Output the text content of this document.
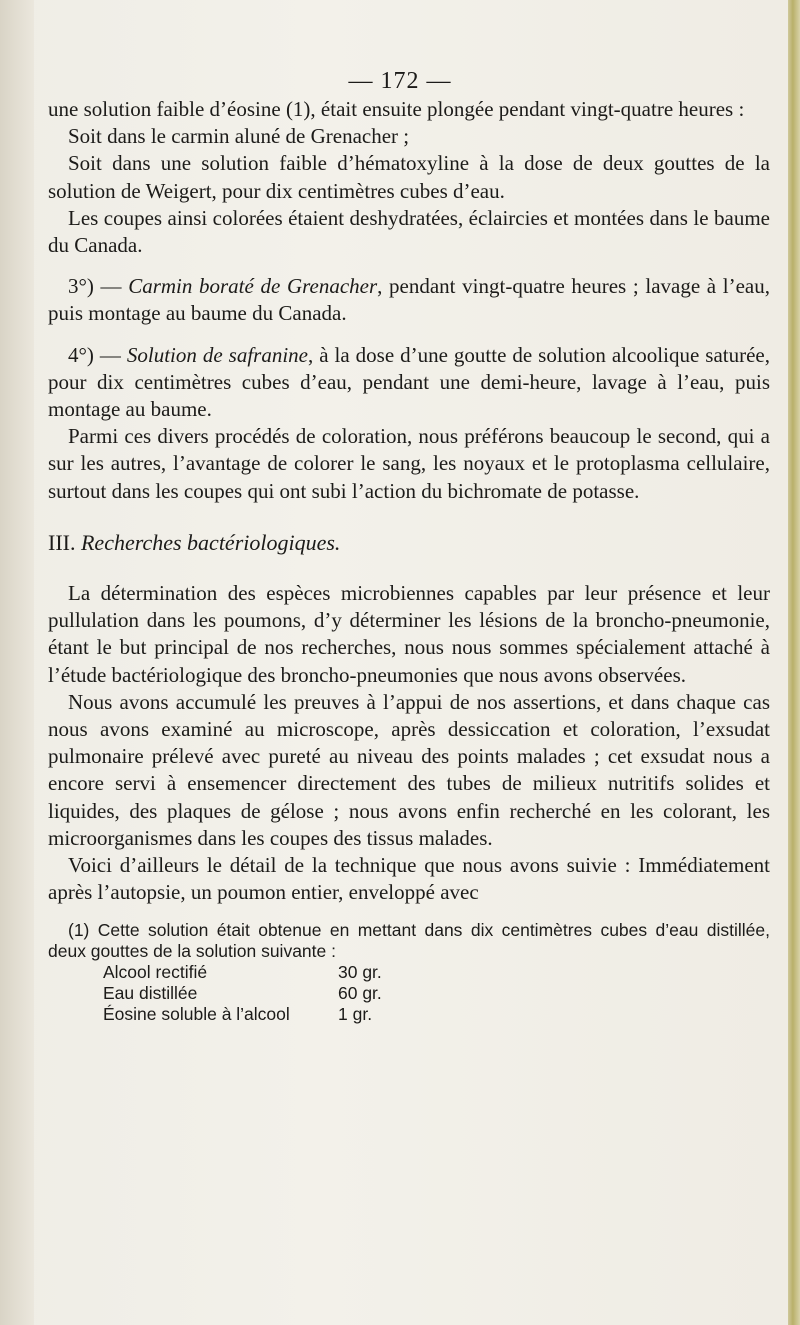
— 172 —

une solution faible d’éosine (1), était ensuite plongée pendant vingt-quatre heures :

Soit dans le carmin aluné de Grenacher ;

Soit dans une solution faible d’hématoxyline à la dose de deux gouttes de la solution de Weigert, pour dix centimètres cubes d’eau.

Les coupes ainsi colorées étaient deshydratées, éclaircies et montées dans le baume du Canada.

3°) — Carmin boraté de Grenacher, pendant vingt-quatre heures ; lavage à l’eau, puis montage au baume du Canada.

4°) — Solution de safranine, à la dose d’une goutte de solution alcoolique saturée, pour dix centimètres cubes d’eau, pendant une demi-heure, lavage à l’eau, puis montage au baume.

Parmi ces divers procédés de coloration, nous préférons beaucoup le second, qui a sur les autres, l’avantage de colorer le sang, les noyaux et le protoplasma cellulaire, surtout dans les coupes qui ont subi l’action du bichromate de potasse.

III. Recherches bactériologiques.

La détermination des espèces microbiennes capables par leur présence et leur pullulation dans les poumons, d’y déterminer les lésions de la broncho-pneumonie, étant le but principal de nos recherches, nous nous sommes spécialement attaché à l’étude bactériologique des broncho-pneumonies que nous avons observées.

Nous avons accumulé les preuves à l’appui de nos assertions, et dans chaque cas nous avons examiné au microscope, après dessiccation et coloration, l’exsudat pulmonaire prélevé avec pureté au niveau des points malades ; cet exsudat nous a encore servi à ensemencer directement des tubes de milieux nutritifs solides et liquides, des plaques de gélose ; nous avons enfin recherché en les colorant, les microorganismes dans les coupes des tissus malades.

Voici d’ailleurs le détail de la technique que nous avons suivie : Immédiatement après l’autopsie, un poumon entier, enveloppé avec

(1) Cette solution était obtenue en mettant dans dix centimètres cubes d’eau distillée, deux gouttes de la solution suivante :

Alcool rectifié	30 gr.
Eau distillée	60 gr.
Éosine soluble à l’alcool	1 gr.
